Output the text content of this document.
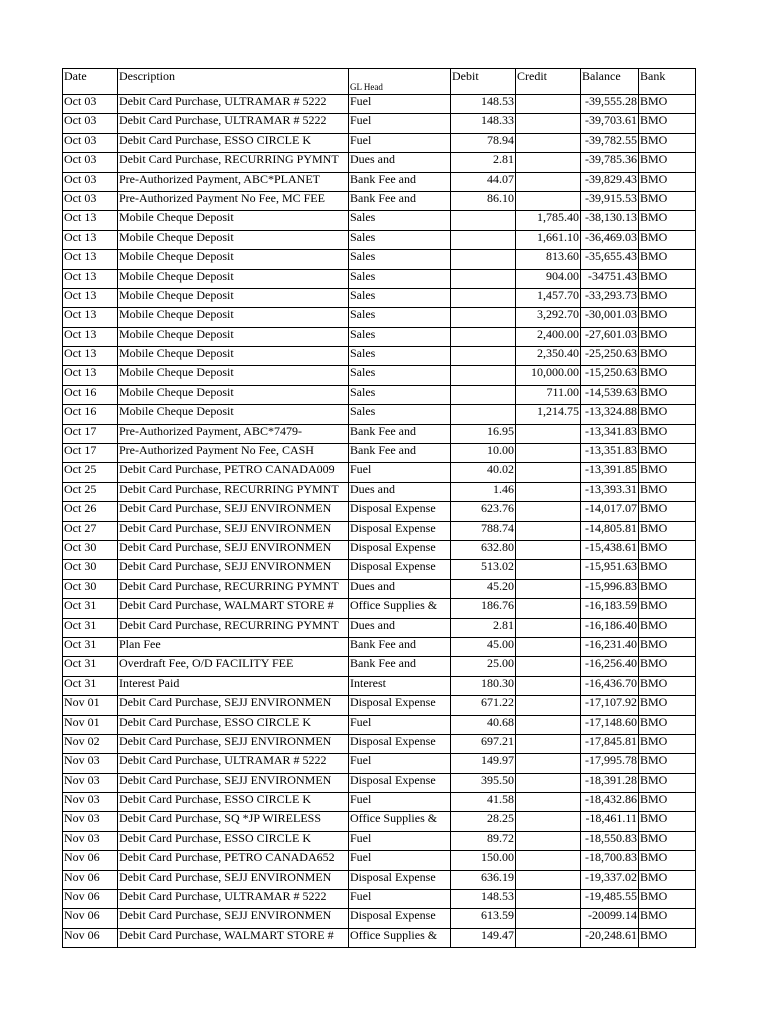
Date	Description	GL Head	Debit	Credit	Balance	Bank
Oct 03	Debit Card Purchase, ULTRAMAR # 5222	Fuel	148.53		-39,555.28	BMO
Oct 03	Debit Card Purchase, ULTRAMAR # 5222	Fuel	148.33		-39,703.61	BMO
Oct 03	Debit Card Purchase, ESSO CIRCLE K	Fuel	78.94		-39,782.55	BMO
Oct 03	Debit Card Purchase, RECURRING PYMNT	Dues and	2.81		-39,785.36	BMO
Oct 03	Pre-Authorized Payment, ABC*PLANET	Bank Fee and	44.07		-39,829.43	BMO
Oct 03	Pre-Authorized Payment No Fee, MC FEE	Bank Fee and	86.10		-39,915.53	BMO
Oct 13	Mobile Cheque Deposit	Sales		1,785.40	-38,130.13	BMO
Oct 13	Mobile Cheque Deposit	Sales		1,661.10	-36,469.03	BMO
Oct 13	Mobile Cheque Deposit	Sales		813.60	-35,655.43	BMO
Oct 13	Mobile Cheque Deposit	Sales		904.00	-34751.43	BMO
Oct 13	Mobile Cheque Deposit	Sales		1,457.70	-33,293.73	BMO
Oct 13	Mobile Cheque Deposit	Sales		3,292.70	-30,001.03	BMO
Oct 13	Mobile Cheque Deposit	Sales		2,400.00	-27,601.03	BMO
Oct 13	Mobile Cheque Deposit	Sales		2,350.40	-25,250.63	BMO
Oct 13	Mobile Cheque Deposit	Sales		10,000.00	-15,250.63	BMO
Oct 16	Mobile Cheque Deposit	Sales		711.00	-14,539.63	BMO
Oct 16	Mobile Cheque Deposit	Sales		1,214.75	-13,324.88	BMO
Oct 17	Pre-Authorized Payment, ABC*7479-	Bank Fee and	16.95		-13,341.83	BMO
Oct 17	Pre-Authorized Payment No Fee, CASH	Bank Fee and	10.00		-13,351.83	BMO
Oct 25	Debit Card Purchase, PETRO CANADA009	Fuel	40.02		-13,391.85	BMO
Oct 25	Debit Card Purchase, RECURRING PYMNT	Dues and	1.46		-13,393.31	BMO
Oct 26	Debit Card Purchase, SEJJ ENVIRONMEN	Disposal Expense	623.76		-14,017.07	BMO
Oct 27	Debit Card Purchase, SEJJ ENVIRONMEN	Disposal Expense	788.74		-14,805.81	BMO
Oct 30	Debit Card Purchase, SEJJ ENVIRONMEN	Disposal Expense	632.80		-15,438.61	BMO
Oct 30	Debit Card Purchase, SEJJ ENVIRONMEN	Disposal Expense	513.02		-15,951.63	BMO
Oct 30	Debit Card Purchase, RECURRING PYMNT	Dues and	45.20		-15,996.83	BMO
Oct 31	Debit Card Purchase, WALMART STORE #	Office Supplies &	186.76		-16,183.59	BMO
Oct 31	Debit Card Purchase, RECURRING PYMNT	Dues and	2.81		-16,186.40	BMO
Oct 31	Plan Fee	Bank Fee and	45.00		-16,231.40	BMO
Oct 31	Overdraft Fee, O/D FACILITY FEE	Bank Fee and	25.00		-16,256.40	BMO
Oct 31	Interest Paid	Interest	180.30		-16,436.70	BMO
Nov 01	Debit Card Purchase, SEJJ ENVIRONMEN	Disposal Expense	671.22		-17,107.92	BMO
Nov 01	Debit Card Purchase, ESSO CIRCLE K	Fuel	40.68		-17,148.60	BMO
Nov 02	Debit Card Purchase, SEJJ ENVIRONMEN	Disposal Expense	697.21		-17,845.81	BMO
Nov 03	Debit Card Purchase, ULTRAMAR # 5222	Fuel	149.97		-17,995.78	BMO
Nov 03	Debit Card Purchase, SEJJ ENVIRONMEN	Disposal Expense	395.50		-18,391.28	BMO
Nov 03	Debit Card Purchase, ESSO CIRCLE K	Fuel	41.58		-18,432.86	BMO
Nov 03	Debit Card Purchase, SQ *JP WIRELESS	Office Supplies &	28.25		-18,461.11	BMO
Nov 03	Debit Card Purchase, ESSO CIRCLE K	Fuel	89.72		-18,550.83	BMO
Nov 06	Debit Card Purchase, PETRO CANADA652	Fuel	150.00		-18,700.83	BMO
Nov 06	Debit Card Purchase, SEJJ ENVIRONMEN	Disposal Expense	636.19		-19,337.02	BMO
Nov 06	Debit Card Purchase, ULTRAMAR # 5222	Fuel	148.53		-19,485.55	BMO
Nov 06	Debit Card Purchase, SEJJ ENVIRONMEN	Disposal Expense	613.59		-20099.14	BMO
Nov 06	Debit Card Purchase, WALMART STORE #	Office Supplies &	149.47		-20,248.61	BMO
